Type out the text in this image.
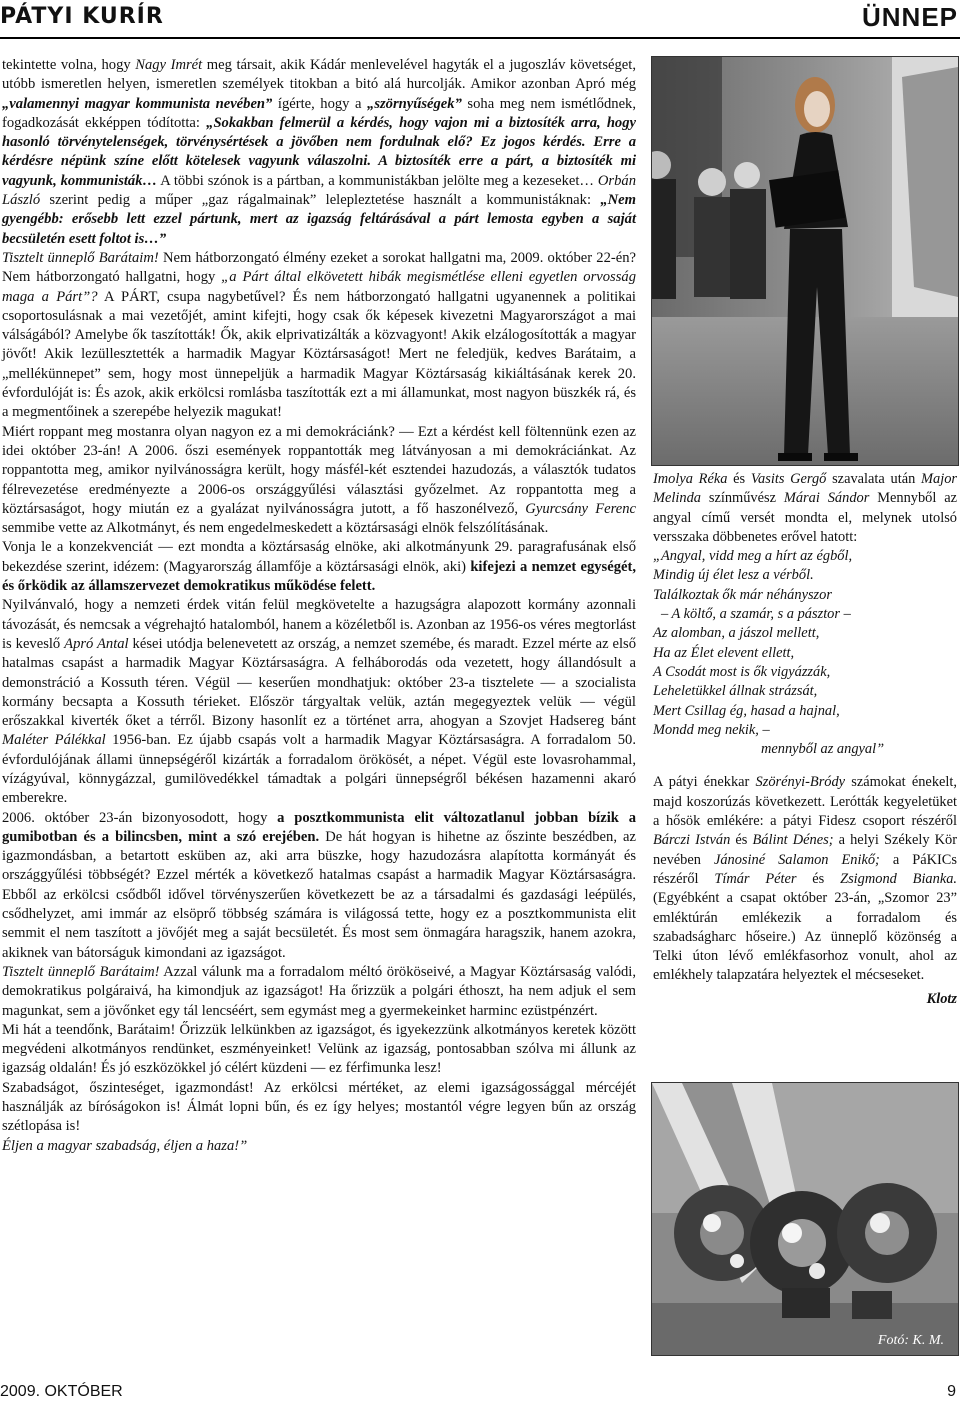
PÁTYI KURÍR	ÜNNEP

tekintette volna, hogy Nagy Imrét meg társait, akik Kádár menlevelével hagyták el a jugoszláv követséget, utóbb ismeretlen helyen, ismeretlen személyek titokban a bitó alá hurcolják. Amikor azonban Apró még „valamennyi magyar kommunista nevében” ígérte, hogy a „szörnyűségek” soha meg nem ismétlődnek, fogadkozását ekképpen tódította: „Sokakban felmerül a kérdés, hogy vajon mi a biztosíték arra, hogy hasonló törvénytelenségek, törvénysértések a jövőben nem fordulnak elő? Ez jogos kérdés. Erre a kérdésre népünk színe előtt kötelesek vagyunk válaszolni. A biztosíték erre a párt, a biztosíték mi vagyunk, kommunisták… A többi szónok is a pártban, a kommunistákban jelölte meg a kezeseket… Orbán László szerint pedig a műper „gaz rágalmainak” lelepleztetése használt a kommunistáknak: „Nem gyengébb: erősebb lett ezzel pártunk, mert az igazság feltárásával a párt lemosta egyben a saját becsületén esett foltot is…”

Tisztelt ünneplő Barátaim! Nem hátborzongató élmény ezeket a sorokat hallgatni ma, 2009. október 22-én? Nem hátborzongató hallgatni, hogy „a Párt által elkövetett hibák megismétlése elleni egyetlen orvosság maga a Párt”? A PÁRT, csupa nagybetűvel? És nem hátborzongató hallgatni ugyanennek a politikai csoportosulásnak a mai vezetőjét, amint kifejti, hogy csak ők képesek kivezetni Magyarországot a mai válságából? Amelybe ők taszították! Ők, akik elprivatizálták a közvagyont! Akik elzálogosították a magyar jövőt! Akik lezüllesztették a harmadik Magyar Köztársaságot! Mert ne feledjük, kedves Barátaim, a „mellékünnepet” sem, hogy most ünnepeljük a harmadik Magyar Köztársaság kikiáltásának kerek 20. évfordulóját is: És azok, akik erkölcsi romlásba taszították ezt a mi államunkat, most nagyon büszkék rá, és a megmentőinek a szerepébe helyezik magukat!

Miért roppant meg mostanra olyan nagyon ez a mi demokráciánk? — Ezt a kérdést kell föltennünk ezen az idei október 23-án! A 2006. őszi események roppantották meg látványosan a mi demokráciánkat. Az roppantotta meg, amikor nyilvánosságra került, hogy másfél-két esztendei hazudozás, a választók tudatos félrevezetése eredményezte a 2006-os országgyűlési választási győzelmet. Az roppantotta meg a köztársaságot, hogy miután ez a gyalázat nyilvánosságra jutott, a fő haszonélvező, Gyurcsány Ferenc semmibe vette az Alkotmányt, és nem engedelmeskedett a köztársasági elnök felszólításának.

Vonja le a konzekvenciát — ezt mondta a köztársaság elnöke, aki alkotmányunk 29. paragrafusának első bekezdése szerint, idézem: (Magyarország államfője a köztársasági elnök, aki) kifejezi a nemzet egységét, és őrködik az államszervezet demokratikus működése felett.

Nyilvánvaló, hogy a nemzeti érdek vitán felül megkövetelte a hazugságra alapozott kormány azonnali távozását, és nemcsak a végrehajtó hatalomból, hanem a közéletből is. Azonban az 1956-os véres megtorlást is keveslő Apró Antal kései utódja belenevetett az ország, a nemzet szemébe, és maradt. Ezzel mérte az első hatalmas csapást a harmadik Magyar Köztársaságra. A felháborodás oda vezetett, hogy állandósult a demonstráció a Kossuth téren. Végül — keserűen mondhatjuk: október 23-a tisztelete — a szocialista kormány becsapta a Kossuth térieket. Először tárgyaltak velük, aztán megegyeztek velük — végül erőszakkal kiverték őket a térről. Bizony hasonlít ez a történet arra, ahogyan a Szovjet Hadsereg bánt Maléter Pálékkal 1956-ban. Ez újabb csapás volt a harmadik Magyar Köztársaságra. A forradalom 50. évfordulójának állami ünnepségéről kizárták a forradalom örökösét, a népet. Végül este lovasrohammal, vízágyúval, könnygázzal, gumilövedékkel támadtak a polgári ünnepségről békésen hazamenni akaró emberekre.

2006. október 23-án bizonyosodott, hogy a posztkommunista elit változatlanul jobban bízik a gumibotban és a bilincsben, mint a szó erejében. De hát hogyan is hihetne az őszinte beszédben, az igazmondásban, a betartott esküben az, aki arra büszke, hogy hazudozásra alapította kormányát és országgyűlési többségét? Ezzel mérték a következő hatalmas csapást a harmadik Magyar Köztársaságra. Ebből az erkölcsi csődből idővel törvényszerűen következett be az a társadalmi és gazdasági leépülés, csődhelyzet, ami immár az elsöprő többség számára is világossá tette, hogy ez a posztkommunista elit semmit el nem taszított a jövőjét meg a saját becsületét. És most sem önmagára haragszik, hanem azokra, akiknek van bátorságuk kimondani az igazságot.

Tisztelt ünneplő Barátaim! Azzal válunk ma a forradalom méltó örököseivé, a Magyar Köztársaság valódi, demokratikus polgáraivá, ha kimondjuk az igazságot! Ha őrizzük a polgári éthoszt, ha nem adjuk el sem magunkat, sem a jövőnket egy tál lencséért, sem egymást meg a gyermekeinket harminc ezüstpénzért.

Mi hát a teendőnk, Barátaim! Őrizzük lelkünkben az igazságot, és igyekezzünk alkotmányos keretek között megvédeni alkotmányos rendünket, eszményeinket! Velünk az igazság, pontosabban szólva mi állunk az igazság oldalán! És jó eszközökkel jó célért küzdeni — ez férfimunka lesz!

Szabadságot, őszinteséget, igazmondást! Az erkölcsi mértéket, az elemi igazságossággal mércéjét használják az bíróságokon is! Álmát lopni bűn, és ez így helyes; mostantól végre legyen bűn az ország szétlopása is!

Éljen a magyar szabadság, éljen a haza!”

Imolya Réka és Vasits Gergő szavalata után Major Melinda színművész Márai Sándor Mennyből az angyal című versét mondta el, melynek utolsó versszaka döbbenetes erővel hatott:

„Angyal, vidd meg a hírt az égből,
Mindig új élet lesz a vérből.
Találkoztak ők már néhányszor
– A költő, a szamár, s a pásztor –
Az alomban, a jászol mellett,
Ha az Élet elevent ellett,
A Csodát most is ők vigyázzák,
Leheletükkel állnak strázsát,
Mert Csillag ég, hasad a hajnal,
Mondd meg nekik, –
mennyből az angyal”

A pátyi énekkar Szörényi-Bródy számokat énekelt, majd koszorúzás következett. Lerótták kegyeletüket a hősök emlékére: a pátyi Fidesz csoport részéről Bárczi István és Bálint Dénes; a helyi Székely Kör nevében Jánosiné Salamon Enikő; a PáKICs részéről Tímár Péter és Zsigmond Bianka. (Egyébként a csapat október 23-án, „Szomor 23” emléktúrán emlékezik a forradalom és szabadságharc hőseire.) Az ünneplő közönség a Telki úton lévő emlékfasorhoz vonult, ahol az emlékhely talapzatára helyeztek el mécseseket.

Klotz
Fotó: K. M.
2009. OKTÓBER	9
